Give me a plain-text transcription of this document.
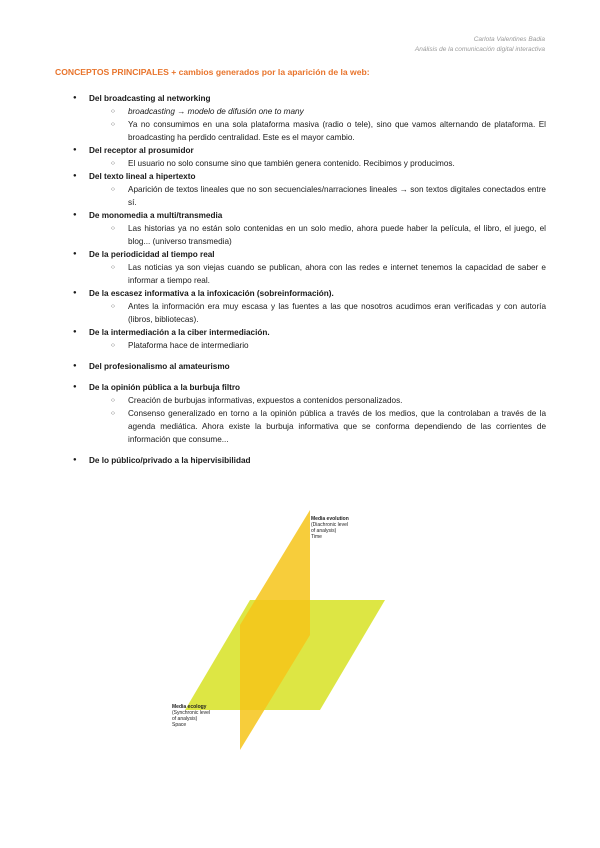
Carlota Valentines Badia
Análisis de la comunicación digital interactiva
CONCEPTOS PRINCIPALES + cambios generados por la aparición de la web:

● Del broadcasting al networking

○ broadcasting → modelo de difusión one to many

○ Ya no consumimos en una sola plataforma masiva (radio o tele), sino que vamos alternando de plataforma. El broadcasting ha perdido centralidad. Este es el mayor cambio.

● Del receptor al prosumidor

○ El usuario no solo consume sino que también genera contenido. Recibimos y producimos.

● Del texto lineal a hipertexto

○ Aparición de textos lineales que no son secuenciales/narraciones lineales → son textos digitales conectados entre sí.

● De monomedia a multi/transmedia

○ Las historias ya no están solo contenidas en un solo medio, ahora puede haber la película, el libro, el juego, el blog... (universo transmedia)

● De la periodicidad al tiempo real

○ Las noticias ya son viejas cuando se publican, ahora con las redes e internet tenemos la capacidad de saber e informar a tiempo real.

● De la escasez informativa a la infoxicación (sobreinformación).

○ Antes la información era muy escasa y las fuentes a las que nosotros acudimos eran verificadas y con autoría (libros, bibliotecas).

● De la intermediación a la ciber intermediación.

○ Plataforma hace de intermediario

● Del profesionalismo al amateurismo

● De la opinión pública a la burbuja filtro

○ Creación de burbujas informativas, expuestos a contenidos personalizados.

○ Consenso generalizado en torno a la opinión pública a través de los medios, que la controlaban a través de la agenda mediática. Ahora existe la burbuja informativa que se conforma dependiendo de las corrientes de información que consume...

● De lo público/privado a la hipervisibilidad

Media evolution
(Diachronic level
of analysis)
Time
Media ecology
(Synchronic level
of analysis)
Space
